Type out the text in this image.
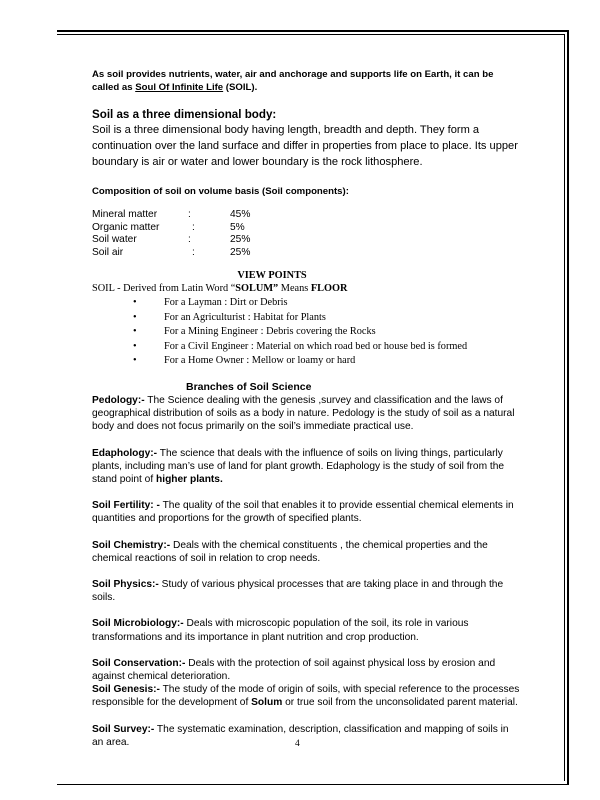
As soil provides nutrients, water, air and anchorage and supports life on Earth, it can be called as Soul Of Infinite Life (SOIL).

Soil as a three dimensional body:

Soil is a three dimensional body having length, breadth and depth. They form a continuation over the land surface and differ in properties from place to place. Its upper boundary is air or water and lower boundary is the rock lithosphere.

Composition of soil on volume basis (Soil components):

Mineral matter	:	45%
Organic matter	:	5%
Soil water	:	25%
Soil air	:	25%

VIEW POINTS

SOIL - Derived from Latin Word “SOLUM” Means FLOOR

•	For a Layman : Dirt or Debris
•	For an Agriculturist : Habitat for Plants
•	For a Mining Engineer : Debris covering the Rocks
•	For a Civil Engineer : Material on which road bed or house bed is formed
•	For a Home Owner : Mellow or loamy or hard

Branches of Soil Science

Pedology:- The Science dealing with the genesis ,survey and classification and the laws of geographical distribution of soils as a body in nature. Pedology is the study of soil as a natural body and does not focus primarily on the soil’s immediate practical use.

Edaphology:- The science that deals with the influence of soils on living things, particularly plants, including man’s use of land for plant growth. Edaphology is the study of soil from the stand point of higher plants.

Soil Fertility: - The quality of the soil that enables it to provide essential chemical elements in quantities and proportions for the growth of specified plants.

Soil Chemistry:- Deals with the chemical constituents , the chemical properties and the chemical reactions of soil in relation to crop needs.

Soil Physics:- Study of various physical processes that are taking place in and through the soils.

Soil Microbiology:- Deals with microscopic population of the soil, its role in various transformations and its importance in plant nutrition and crop production.

Soil Conservation:- Deals with the protection of soil against physical loss by erosion and against chemical deterioration.

Soil Genesis:- The study of the mode of origin of soils, with special reference to the processes responsible for the development of Solum or true soil from the unconsolidated parent material.

Soil Survey:- The systematic examination, description, classification and mapping of soils in an area.	4
